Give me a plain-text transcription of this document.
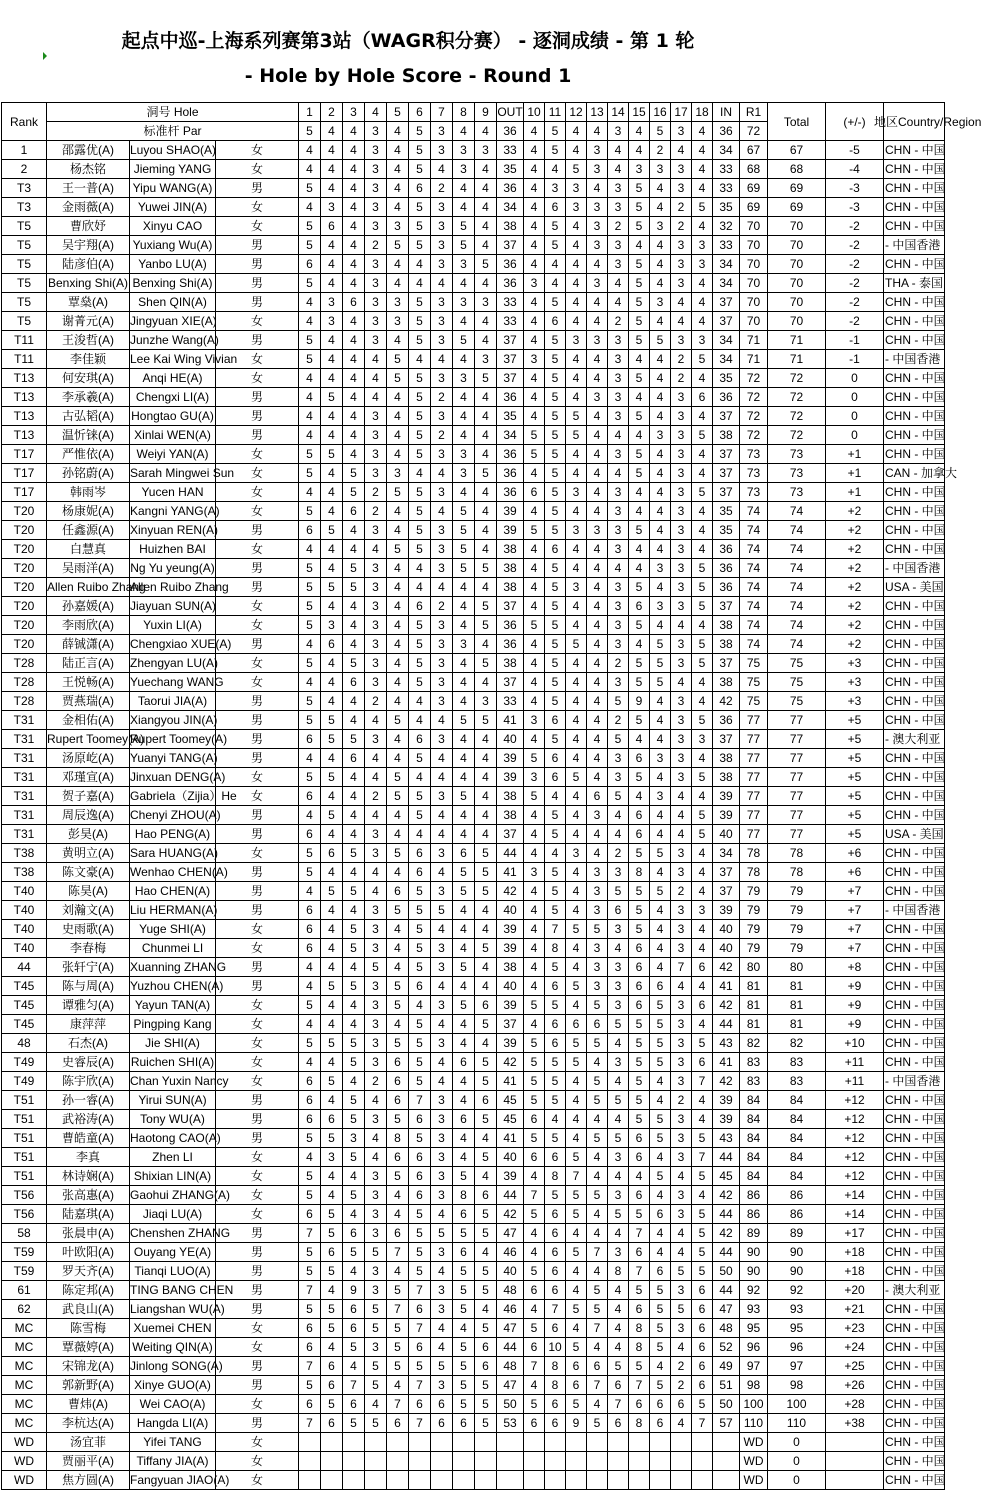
起点中巡-上海系列赛第3站（WAGR积分赛） - 逐洞成绩 - 第 1 轮
- Hole by Hole Score - Round 1
Rank	洞号 Hole			1	2	3	4	5	6	7	8	9	OUT	10	11	12	13	14	15	16	17	18	IN	R1	Total	(+/-)	地区Country/Region
	标准杆 Par			5	4	4	3	4	5	3	4	4	36	4	5	4	4	3	4	5	3	4	36	72			
1	邵露优(A)	Luyou SHAO(A)	女	4	4	4	3	4	5	3	3	3	33	4	5	4	3	4	4	2	4	4	34	67	67	-5	CHN - 中国
2	杨杰铭	Jieming YANG	女	4	4	4	3	4	5	4	3	4	35	4	4	5	3	4	3	3	3	4	33	68	68	-4	CHN - 中国
T3	王一普(A)	Yipu WANG(A)	男	5	4	4	3	4	6	2	4	4	36	4	3	3	4	3	5	4	3	4	33	69	69	-3	CHN - 中国
T3	金雨薇(A)	Yuwei JIN(A)	女	4	3	4	3	4	5	3	4	4	34	4	6	3	3	3	5	4	2	5	35	69	69	-3	CHN - 中国
T5	曹欣妤	Xinyu CAO	女	5	6	4	3	3	5	3	5	4	38	4	5	4	3	2	5	3	2	4	32	70	70	-2	CHN - 中国
T5	吴宇翔(A)	Yuxiang Wu(A)	男	5	4	4	2	5	5	3	5	4	37	4	5	4	3	3	4	4	3	3	33	70	70	-2	- 中国香港
T5	陆彦伯(A)	Yanbo LU(A)	男	6	4	4	3	4	4	3	3	5	36	4	4	4	4	3	5	4	3	3	34	70	70	-2	CHN - 中国
T5	Benxing Shi(A)	Benxing Shi(A)	男	5	4	4	3	4	4	4	4	4	36	3	4	4	3	4	5	4	3	4	34	70	70	-2	THA - 泰国
T5	覃燊(A)	Shen QIN(A)	男	4	3	6	3	3	5	3	3	3	33	4	5	4	4	4	5	3	4	4	37	70	70	-2	CHN - 中国
T5	谢菁元(A)	Jingyuan XIE(A)	女	4	3	4	3	3	5	3	4	4	33	4	6	4	4	2	5	4	4	4	37	70	70	-2	CHN - 中国
T11	王浚哲(A)	Junzhe Wang(A)	男	5	4	4	3	4	5	3	5	4	37	4	5	3	3	3	5	5	3	3	34	71	71	-1	CHN - 中国
T11	李佳颖	Lee Kai Wing Vivian	女	5	4	4	4	5	4	4	4	3	37	3	5	4	4	3	4	4	2	5	34	71	71	-1	- 中国香港
T13	何安琪(A)	Anqi HE(A)	女	4	4	4	4	5	5	3	3	5	37	4	5	4	4	3	5	4	2	4	35	72	72	0	CHN - 中国
T13	李承羲(A)	Chengxi LI(A)	男	4	5	4	4	4	5	2	4	4	36	4	5	4	3	3	4	4	3	6	36	72	72	0	CHN - 中国
T13	古弘韬(A)	Hongtao GU(A)	男	4	4	4	3	4	5	3	4	4	35	4	5	5	4	3	5	4	3	4	37	72	72	0	CHN - 中国
T13	温忻铼(A)	Xinlai WEN(A)	男	4	4	4	3	4	5	2	4	4	34	5	5	5	4	4	4	3	3	5	38	72	72	0	CHN - 中国
T17	严惟依(A)	Weiyi YAN(A)	女	5	5	4	3	4	5	3	3	4	36	5	5	4	4	3	5	4	3	4	37	73	73	+1	CHN - 中国
T17	孙铭蔚(A)	Sarah Mingwei Sun	女	5	4	5	3	3	4	4	3	5	36	4	5	4	4	4	5	4	3	4	37	73	73	+1	CAN - 加拿大
T17	韩雨岑	Yucen HAN	女	4	4	5	2	5	5	3	4	4	36	6	5	3	4	3	4	4	3	5	37	73	73	+1	CHN - 中国
T20	杨康妮(A)	Kangni YANG(A)	女	5	4	6	2	4	5	4	5	4	39	4	5	4	4	3	4	4	3	4	35	74	74	+2	CHN - 中国
T20	任鑫源(A)	Xinyuan REN(A)	男	6	5	4	3	4	5	3	5	4	39	5	5	3	3	3	5	4	3	4	35	74	74	+2	CHN - 中国
T20	白慧真	Huizhen BAI	女	4	4	4	4	5	5	3	5	4	38	4	6	4	4	3	4	4	3	4	36	74	74	+2	CHN - 中国
T20	吴雨洋(A)	Ng Yu yeung(A)	男	5	4	5	3	4	4	3	5	5	38	4	5	4	4	4	4	3	3	5	36	74	74	+2	- 中国香港
T20	Allen Ruibo Zhang	Allen Ruibo Zhang	男	5	5	5	3	4	4	4	4	4	38	4	5	3	4	3	5	4	3	5	36	74	74	+2	USA - 美国
T20	孙嘉媛(A)	Jiayuan SUN(A)	女	5	4	4	3	4	6	2	4	5	37	4	5	4	4	3	6	3	3	5	37	74	74	+2	CHN - 中国
T20	李雨欣(A)	Yuxin LI(A)	女	5	3	4	3	4	5	3	4	5	36	5	5	4	4	3	5	4	4	4	38	74	74	+2	CHN - 中国
T20	薛铖潇(A)	Chengxiao XUE(A)	男	4	6	4	3	4	5	3	3	4	36	4	5	5	4	3	4	5	3	5	38	74	74	+2	CHN - 中国
T28	陆正言(A)	Zhengyan LU(A)	女	5	4	5	3	4	5	3	4	5	38	4	5	4	4	2	5	5	3	5	37	75	75	+3	CHN - 中国
T28	王悦畅(A)	Yuechang WANG	女	4	4	6	3	4	5	3	4	4	37	4	5	4	4	3	5	5	4	4	38	75	75	+3	CHN - 中国
T28	贾燕瑞(A)	Taorui JIA(A)	男	5	4	4	2	4	4	3	4	3	33	4	5	4	4	5	9	4	3	4	42	75	75	+3	CHN - 中国
T31	金相佑(A)	Xiangyou JIN(A)	男	5	5	4	4	5	4	4	5	5	41	3	6	4	4	2	5	4	3	5	36	77	77	+5	CHN - 中国
T31	Rupert Toomey(A)	Rupert Toomey(A)	男	6	5	5	3	4	6	3	4	4	40	4	5	4	4	5	4	4	3	3	37	77	77	+5	- 澳大利亚
T31	汤原屹(A)	Yuanyi TANG(A)	男	4	4	6	4	4	5	4	4	4	39	5	6	4	4	3	6	3	3	4	38	77	77	+5	CHN - 中国
T31	邓瑾宣(A)	Jinxuan DENG(A)	女	5	5	4	4	5	4	4	4	4	39	3	6	5	4	3	5	4	3	5	38	77	77	+5	CHN - 中国
T31	贺子嘉(A)	Gabriela（Zijia）He	女	6	4	4	2	5	5	3	5	4	38	5	4	4	6	5	4	3	4	4	39	77	77	+5	CHN - 中国
T31	周辰逸(A)	Chenyi ZHOU(A)	男	4	5	4	4	4	5	4	4	4	38	4	5	4	3	4	6	4	4	5	39	77	77	+5	CHN - 中国
T31	彭昊(A)	Hao PENG(A)	男	6	4	4	3	4	4	4	4	4	37	4	5	4	4	4	6	4	4	5	40	77	77	+5	USA - 美国
T38	黄明立(A)	Sara HUANG(A)	女	5	6	5	3	5	6	3	6	5	44	4	4	3	4	2	5	5	3	4	34	78	78	+6	CHN - 中国
T38	陈文豪(A)	Wenhao CHEN(A)	男	5	4	4	4	4	6	4	5	5	41	3	5	4	3	3	8	4	3	4	37	78	78	+6	CHN - 中国
T40	陈昊(A)	Hao CHEN(A)	男	4	5	5	4	6	5	3	5	5	42	4	5	4	3	5	5	5	2	4	37	79	79	+7	CHN - 中国
T40	刘瀚文(A)	Liu HERMAN(A)	男	6	4	4	3	5	5	5	4	4	40	4	5	4	3	6	5	4	3	3	39	79	79	+7	- 中国香港
T40	史雨歌(A)	Yuge SHI(A)	女	6	4	5	3	4	5	4	4	4	39	4	7	5	5	3	5	4	3	4	40	79	79	+7	CHN - 中国
T40	李春梅	Chunmei LI	女	6	4	5	3	4	5	3	4	5	39	4	8	4	3	4	6	4	3	4	40	79	79	+7	CHN - 中国
44	张轩宁(A)	Xuanning ZHANG	男	4	4	4	5	4	5	3	5	4	38	4	5	4	3	3	6	4	7	6	42	80	80	+8	CHN - 中国
T45	陈与周(A)	Yuzhou CHEN(A)	男	4	5	5	3	5	6	4	4	4	40	4	6	5	3	3	6	6	4	4	41	81	81	+9	CHN - 中国
T45	谭雅匀(A)	Yayun TAN(A)	女	5	4	4	3	5	4	3	5	6	39	5	5	4	5	3	6	5	3	6	42	81	81	+9	CHN - 中国
T45	康萍萍	Pingping Kang	女	4	4	4	3	4	5	4	4	5	37	4	6	6	6	5	5	5	3	4	44	81	81	+9	CHN - 中国
48	石杰(A)	Jie SHI(A)	女	5	5	5	3	5	5	3	4	4	39	5	6	5	5	4	5	5	3	5	43	82	82	+10	CHN - 中国
T49	史睿辰(A)	Ruichen SHI(A)	女	4	4	5	3	6	5	4	6	5	42	5	5	5	4	3	5	5	3	6	41	83	83	+11	CHN - 中国
T49	陈宇欣(A)	Chan Yuxin Nancy	女	6	5	4	2	6	5	4	4	5	41	5	5	4	5	4	5	4	3	7	42	83	83	+11	- 中国香港
T51	孙一睿(A)	Yirui SUN(A)	男	6	4	5	4	6	7	3	4	6	45	5	5	4	5	5	5	4	2	4	39	84	84	+12	CHN - 中国
T51	武裕涛(A)	Tony WU(A)	男	6	6	5	3	5	6	3	6	5	45	6	4	4	4	4	5	5	3	4	39	84	84	+12	CHN - 中国
T51	曹皓童(A)	Haotong CAO(A)	男	5	5	3	4	8	5	3	4	4	41	5	5	4	5	5	6	5	3	5	43	84	84	+12	CHN - 中国
T51	李真	Zhen LI	女	4	3	5	4	6	6	3	4	5	40	6	6	5	4	3	6	4	3	7	44	84	84	+12	CHN - 中国
T51	林诗娴(A)	Shixian LIN(A)	女	5	4	4	3	5	6	3	5	4	39	4	8	7	4	4	4	5	4	5	45	84	84	+12	CHN - 中国
T56	张高惠(A)	Gaohui ZHANG(A)	女	5	4	5	3	4	6	3	8	6	44	7	5	5	5	3	6	4	3	4	42	86	86	+14	CHN - 中国
T56	陆嘉琪(A)	Jiaqi LU(A)	女	6	5	4	3	4	5	4	6	5	42	5	6	5	4	5	5	6	3	5	44	86	86	+14	CHN - 中国
58	张晨申(A)	Chenshen ZHANG	男	7	5	6	3	6	5	5	5	5	47	4	6	4	4	4	7	4	4	5	42	89	89	+17	CHN - 中国
T59	叶欧阳(A)	Ouyang YE(A)	男	5	6	5	5	7	5	3	6	4	46	4	6	5	7	3	6	4	4	5	44	90	90	+18	CHN - 中国
T59	罗天齐(A)	Tianqi LUO(A)	男	5	5	4	3	4	5	4	5	5	40	5	6	4	4	8	7	6	5	5	50	90	90	+18	CHN - 中国
61	陈定邦(A)	TING BANG CHEN	男	7	4	9	3	5	7	3	5	5	48	6	6	4	5	4	5	5	3	6	44	92	92	+20	- 澳大利亚
62	武良山(A)	Liangshan WU(A)	男	5	5	6	5	7	6	3	5	4	46	4	7	5	5	4	6	5	5	6	47	93	93	+21	CHN - 中国
MC	陈雪梅	Xuemei CHEN	女	6	5	6	5	5	7	4	4	5	47	5	6	4	7	4	8	5	3	6	48	95	95	+23	CHN - 中国
MC	覃薇婷(A)	Weiting QIN(A)	女	6	4	5	3	5	6	4	5	6	44	6	10	5	4	4	8	5	4	6	52	96	96	+24	CHN - 中国
MC	宋锦龙(A)	Jinlong SONG(A)	男	7	6	4	5	5	5	5	5	6	48	7	8	6	6	5	5	4	2	6	49	97	97	+25	CHN - 中国
MC	郭新野(A)	Xinye GUO(A)	男	5	6	7	5	4	7	3	5	5	47	4	8	6	7	6	7	5	2	6	51	98	98	+26	CHN - 中国
MC	曹炜(A)	Wei CAO(A)	女	6	5	6	4	7	6	6	5	5	50	5	6	5	4	7	6	6	6	5	50	100	100	+28	CHN - 中国
MC	李杭达(A)	Hangda LI(A)	男	7	6	5	5	6	7	6	6	5	53	6	6	9	5	6	8	6	4	7	57	110	110	+38	CHN - 中国
WD	汤宜菲	Yifei TANG	女																					WD	0		CHN - 中国
WD	贾丽平(A)	Tiffany JIA(A)	女																					WD	0		CHN - 中国
WD	焦方圆(A)	Fangyuan JIAO(A)	女																					WD	0		CHN - 中国
